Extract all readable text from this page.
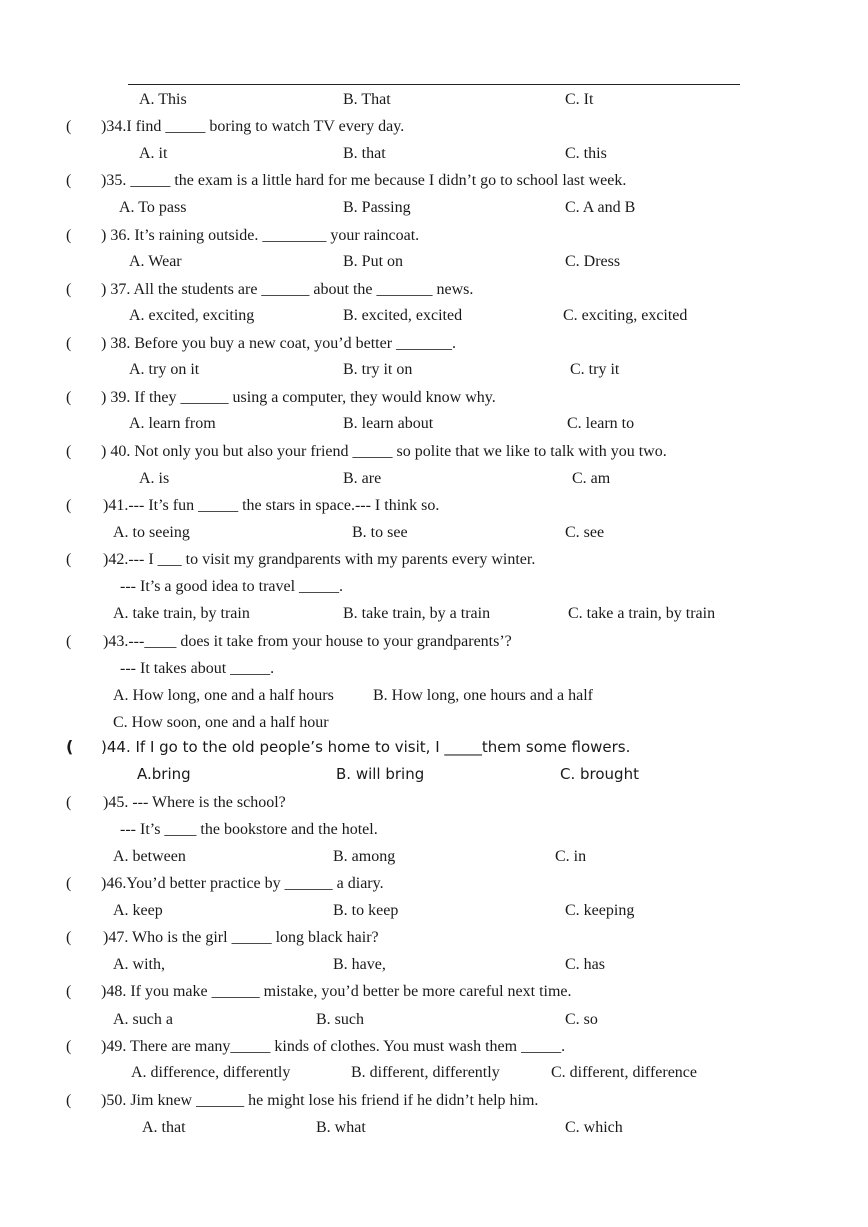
A. This	B. That	C. It
( )34.I find _____ boring to watch TV every day.
A. it	B. that	C. this
( )35. _____ the exam is a little hard for me because I didn’t go to school last week.
A. To pass	B. Passing	C. A and B
( ) 36. It’s raining outside. ________ your raincoat.
A. Wear	B. Put on	C. Dress
( ) 37. All the students are ______ about the _______ news.
A. excited, exciting	B. excited, excited	C. exciting, excited
( ) 38. Before you buy a new coat, you’d better _______.
A. try on it	B. try it on	C. try it
( ) 39. If they ______ using a computer, they would know why.
A. learn from	B. learn about	C. learn to
( ) 40. Not only you but also your friend _____ so polite that we like to talk with you two.
A. is	B. are	C. am
( )41.--- It’s fun _____ the stars in space.--- I think so.
A. to seeing	B. to see	C. see
( )42.--- I ___ to visit my grandparents with my parents every winter.
--- It’s a good idea to travel _____.
A. take train, by train	B. take train, by a train	C. take a train, by train
( )43.---____ does it take from your house to your grandparents’?
--- It takes about _____.
A. How long, one and a half hours B. How long, one hours and a half
C. How soon, one and a half hour
( )44. If I go to the old people’s home to visit, I _____them some flowers.
A.bring	B. will bring	C. brought
( )45. --- Where is the school?
--- It’s ____ the bookstore and the hotel.
A. between	B. among	C. in
( )46.You’d better practice by ______ a diary.
A. keep	B. to keep	C. keeping
( )47. Who is the girl _____ long black hair?
A. with,	B. have,	C. has
( )48. If you make ______ mistake, you’d better be more careful next time.
A. such a	B. such	C. so
( )49. There are many_____ kinds of clothes. You must wash them _____.
A. difference, differently	B. different, differently	C. different, difference
( )50. Jim knew ______ he might lose his friend if he didn’t help him.
A. that	B. what	C. which
